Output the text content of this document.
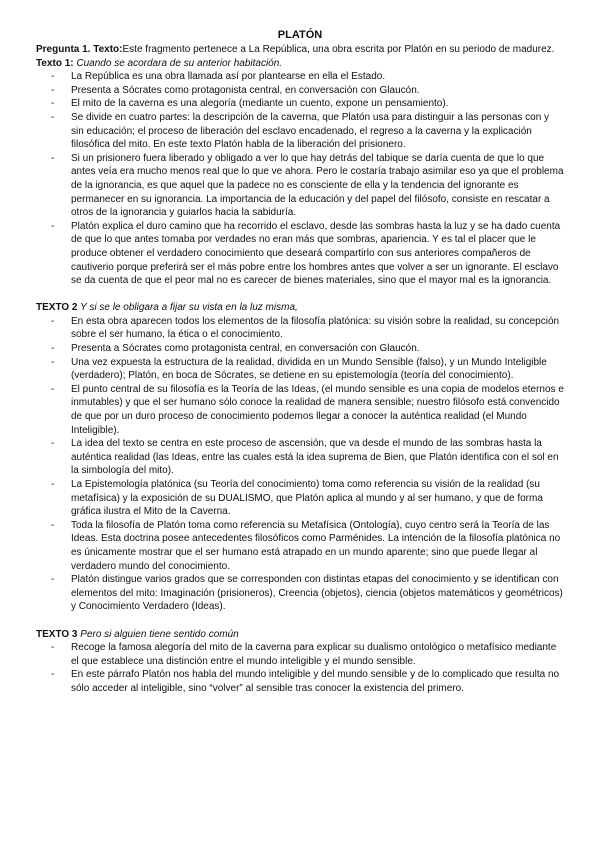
PLATÓN

Pregunta 1. Texto:Este fragmento pertenece a La República, una obra escrita por Platón en su periodo de madurez.

Texto 1: Cuando se acordara de su anterior habitación.

- La República es una obra llamada así por plantearse en ella el Estado.
- Presenta a Sócrates como protagonista central, en conversación con Glaucón.
- El mito de la caverna es una alegoría (mediante un cuento, expone un pensamiento).
- Se divide en cuatro partes: la descripción de la caverna, que Platón usa para distinguir a las personas con y sin educación; el proceso de liberación del esclavo encadenado, el regreso a la caverna y la explicación filosófica del mito. En este texto Platón habla de la liberación del prisionero.
- Si un prisionero fuera liberado y obligado a ver lo que hay detrás del tabique se daría cuenta de que lo que antes veía era mucho menos real que lo que ve ahora. Pero le costaría trabajo asimilar eso ya que el problema de la ignorancia, es que aquel que la padece no es consciente de ella y la tendencia del ignorante es permanecer en su ignorancia. La importancia de la educación y del papel del filósofo, consiste en rescatar a otros de la ignorancia y guiarlos hacia la sabiduría.
- Platón explica el duro camino que ha recorrido el esclavo, desde las sombras hasta la luz y se ha dado cuenta de que lo que antes tomaba por verdades no eran más que sombras, apariencia. Y es tal el placer que le produce obtener el verdadero conocimiento que deseará compartirlo con sus anteriores compañeros de cautiverio porque preferirá ser el más pobre entre los hombres antes que volver a ser un ignorante. El esclavo se da cuenta de que el peor mal no es carecer de bienes materiales, sino que el mayor mal es la ignorancia.

TEXTO 2 Y si se le obligara a fijar su vista en la luz misma,

- En esta obra aparecen todos los elementos de la filosofía platónica: su visión sobre la realidad, su concepción sobre el ser humano, la ética o el conocimiento.
- Presenta a Sócrates como protagonista central, en conversación con Glaucón.
- Una vez expuesta la estructura de la realidad, dividida en un Mundo Sensible (falso), y un Mundo Inteligible (verdadero); Platón, en boca de Sócrates, se detiene en su epistemología (teoría del conocimiento).
- El punto central de su filosofía es la Teoría de las Ideas, (el mundo sensible es una copia de modelos eternos e inmutables) y que el ser humano sólo conoce la realidad de manera sensible; nuestro filósofo está convencido de que por un duro proceso de conocimiento podemos llegar a conocer la auténtica realidad (el Mundo Inteligible).
- La idea del texto se centra en este proceso de ascensión, que va desde el mundo de las sombras hasta la auténtica realidad (las Ideas, entre las cuales está la idea suprema de Bien, que Platón identifica con el sol en la simbología del mito).
- La Epistemología platónica (su Teoría del conocimiento) toma como referencia su visión de la realidad (su metafísica) y la exposición de su DUALISMO, que Platón aplica al mundo y al ser humano, y que de forma gráfica ilustra el Mito de la Caverna.
- Toda la filosofía de Platón toma como referencia su Metafísica (Ontología), cuyo centro será la Teoría de las Ideas. Esta doctrina posee antecedentes filosóficos como Parménides. La intención de la filosofía platónica no es únicamente mostrar que el ser humano está atrapado en un mundo aparente; sino que puede llegar al verdadero mundo del conocimiento.
- Platón distingue varios grados que se corresponden con distintas etapas del conocimiento y se identifican con elementos del mito: Imaginación (prisioneros), Creencia (objetos), ciencia (objetos matemáticos y geométricos) y Conocimiento Verdadero (Ideas).

TEXTO 3 Pero si alguien tiene sentido común

- Recoge la famosa alegoría del mito de la caverna para explicar su dualismo ontológico o metafísico mediante el que establece una distinción entre el mundo inteligible y el mundo sensible.
- En este párrafo Platón nos habla del mundo inteligible y del mundo sensible y de lo complicado que resulta no sólo acceder al inteligible, sino “volver” al sensible tras conocer la existencia del primero.
